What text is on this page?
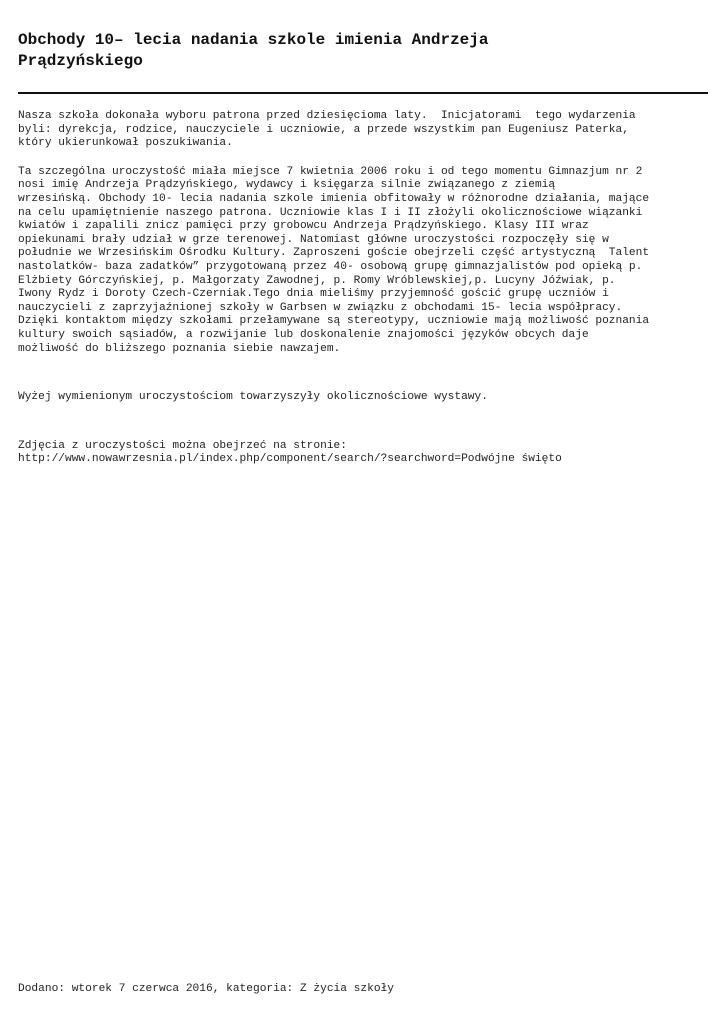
Obchody 10– lecia nadania szkole imienia Andrzeja
Prądzyńskiego

Nasza szkoła dokonała wyboru patrona przed dziesięcioma laty.  Inicjatorami  tego wydarzenia
byli: dyrekcja, rodzice, nauczyciele i uczniowie, a przede wszystkim pan Eugeniusz Paterka,
który ukierunkował poszukiwania.

Ta szczególna uroczystość miała miejsce 7 kwietnia 2006 roku i od tego momentu Gimnazjum nr 2
nosi imię Andrzeja Prądzyńskiego, wydawcy i księgarza silnie związanego z ziemią
wrzesińską. Obchody 10- lecia nadania szkole imienia obfitowały w różnorodne działania, mające
na celu upamiętnienie naszego patrona. Uczniowie klas I i II złożyli okolicznościowe wiązanki
kwiatów i zapalili znicz pamięci przy grobowcu Andrzeja Prądzyńskiego. Klasy III wraz
opiekunami brały udział w grze terenowej. Natomiast główne uroczystości rozpoczęły się w
południe we Wrzesińskim Ośrodku Kultury. Zaproszeni goście obejrzeli część artystyczną  Talent
nastolatków- baza zadatków” przygotowaną przez 40- osobową grupę gimnazjalistów pod opieką p.
Elżbiety Górczyńskiej, p. Małgorzaty Zawodnej, p. Romy Wróblewskiej,p. Lucyny Jóźwiak, p.
Iwony Rydz i Doroty Czech-Czerniak.Tego dnia mieliśmy przyjemność gościć grupę uczniów i
nauczycieli z zaprzyjaźnionej szkoły w Garbsen w związku z obchodami 15- lecia współpracy.
Dzięki kontaktom między szkołami przełamywane są stereotypy, uczniowie mają możliwość poznania
kultury swoich sąsiadów, a rozwijanie lub doskonalenie znajomości języków obcych daje
możliwość do bliższego poznania siebie nawzajem.

Wyżej wymienionym uroczystościom towarzyszyły okolicznościowe wystawy.

Zdjęcia z uroczystości można obejrzeć na stronie:
http://www.nowawrzesnia.pl/index.php/component/search/?searchword=Podwójne święto

Dodano: wtorek 7 czerwca 2016, kategoria: Z życia szkoły
